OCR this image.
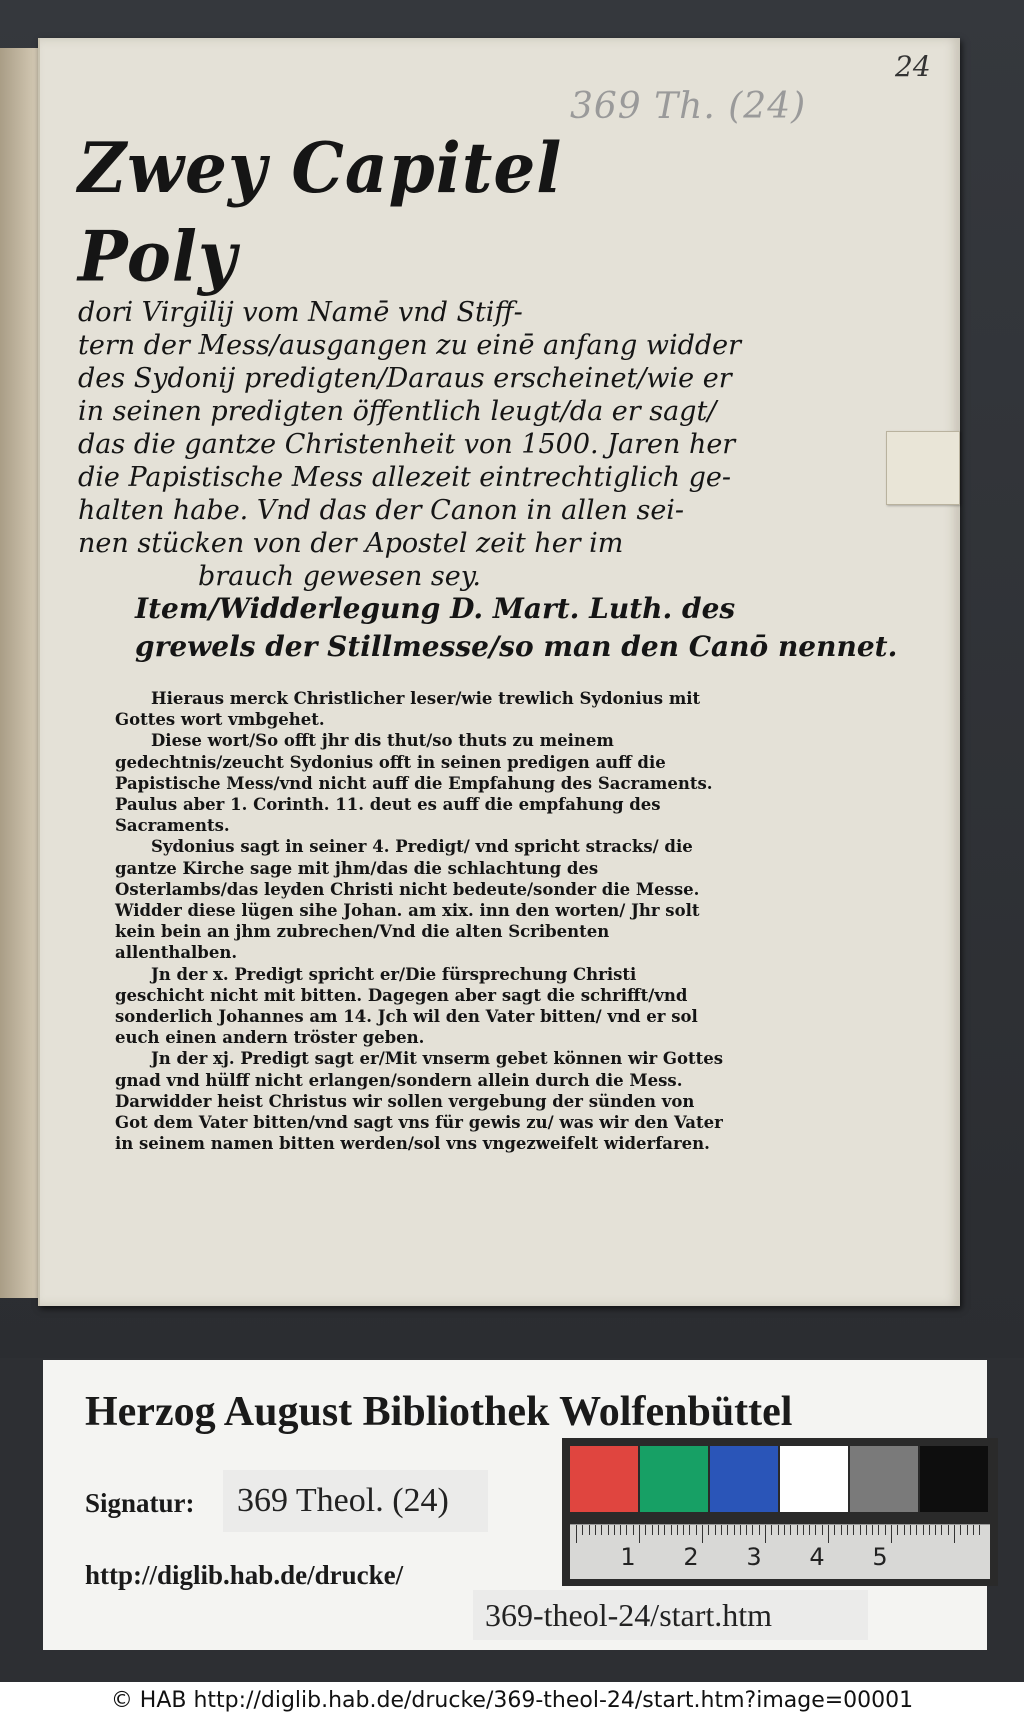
24
369 Th. (24)
Zwey Capitel Poly
dori Virgilij vom Namē vnd Stiff-
tern der Mess/ausgangen zu einē anfang widder
des Sydonij predigten/Daraus erscheinet/wie er
in seinen predigten öffentlich leugt/da er sagt/
das die gantze Christenheit von 1500. Jaren her
die Papistische Mess allezeit eintrechtiglich ge-
halten habe. Vnd das der Canon in allen sei-
nen stücken von der Apostel zeit her im
brauch gewesen sey.
Item/Widderlegung D. Mart. Luth. des
grewels der Stillmesse/so man den Canō nennet.

Hieraus merck Christlicher leser/wie trewlich Sydonius mit Gottes wort vmbgehet.

Diese wort/So offt jhr dis thut/so thuts zu meinem gedechtnis/zeucht Sydonius offt in seinen predigen auff die Papistische Mess/vnd nicht auff die Empfahung des Sacraments. Paulus aber 1. Corinth. 11. deut es auff die empfahung des Sacraments.

Sydonius sagt in seiner 4. Predigt/ vnd spricht stracks/ die gantze Kirche sage mit jhm/das die schlachtung des Osterlambs/das leyden Christi nicht bedeute/sonder die Messe. Widder diese lügen sihe Johan. am xix. inn den worten/ Jhr solt kein bein an jhm zubrechen/Vnd die alten Scribenten allenthalben.

Jn der x. Predigt spricht er/Die fürsprechung Christi geschicht nicht mit bitten. Dagegen aber sagt die schrifft/vnd sonderlich Johannes am 14. Jch wil den Vater bitten/ vnd er sol euch einen andern tröster geben.

Jn der xj. Predigt sagt er/Mit vnserm gebet können wir Gottes gnad vnd hülff nicht erlangen/sondern allein durch die Mess. Darwidder heist Christus wir sollen vergebung der sünden von Got dem Vater bitten/vnd sagt vns für gewis zu/ was wir den Vater in seinem namen bitten werden/sol vns vngezweifelt widerfaren.

Herzog August Bibliothek Wolfenbüttel
Signatur:	369 Theol. (24)
http://diglib.hab.de/drucke/
369-theol-24/start.htm
1 2 3 4 5
© HAB http://diglib.hab.de/drucke/369-theol-24/start.htm?image=00001
